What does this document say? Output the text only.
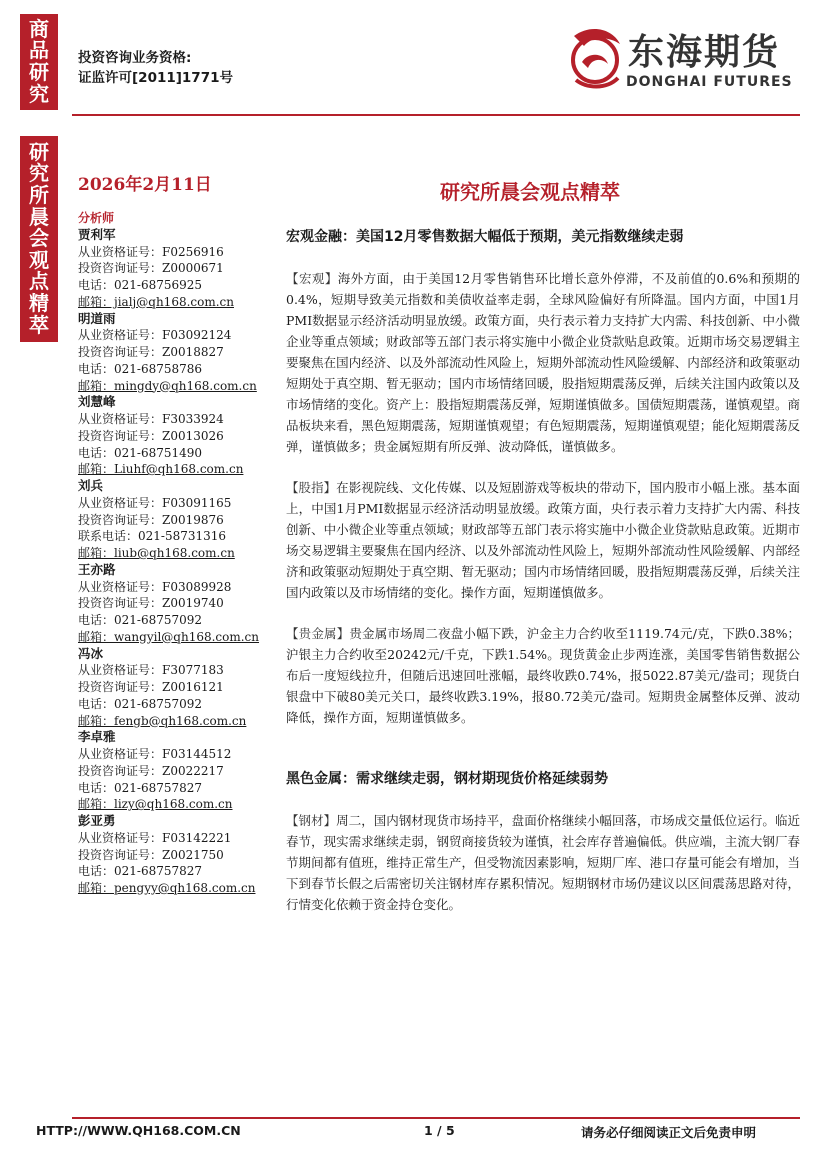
商品研究
研究所晨会观点精萃
投资咨询业务资格:
证监许可[2011]1771号
东海期货
DONGHAI FUTURES
2026年2月11日	研究所晨会观点精萃
分析师
贾利军
从业资格证号：F0256916
投资咨询证号：Z0000671
电话：021-68756925
邮箱：jialj@qh168.com.cn
明道雨
从业资格证号：F03092124
投资咨询证号：Z0018827
电话：021-68758786
邮箱：mingdy@qh168.com.cn
刘慧峰
从业资格证号：F3033924
投资咨询证号：Z0013026
电话：021-68751490
邮箱：Liuhf@qh168.com.cn
刘兵
从业资格证号：F03091165
投资咨询证号：Z0019876
联系电话：021-58731316
邮箱：liub@qh168.com.cn
王亦路
从业资格证号：F03089928
投资咨询证号：Z0019740
电话：021-68757092
邮箱：wangyil@qh168.com.cn
冯冰
从业资格证号：F3077183
投资咨询证号：Z0016121
电话：021-68757092
邮箱：fengb@qh168.com.cn
李卓雅
从业资格证号：F03144512
投资咨询证号：Z0022217
电话：021-68757827
邮箱：lizy@qh168.com.cn
彭亚勇
从业资格证号：F03142221
投资咨询证号：Z0021750
电话：021-68757827
邮箱：pengyy@qh168.com.cn
宏观金融：美国12月零售数据大幅低于预期，美元指数继续走弱
【宏观】海外方面，由于美国12月零售销售环比增长意外停滞，不及前值的0.6%和预期的0.4%，短期导致美元指数和美债收益率走弱，全球风险偏好有所降温。国内方面，中国1月PMI数据显示经济活动明显放缓。政策方面，央行表示着力支持扩大内需、科技创新、中小微企业等重点领域；财政部等五部门表示将实施中小微企业贷款贴息政策。近期市场交易逻辑主要聚焦在国内经济、以及外部流动性风险上，短期外部流动性风险缓解、内部经济和政策驱动短期处于真空期、暂无驱动；国内市场情绪回暖，股指短期震荡反弹，后续关注国内政策以及市场情绪的变化。资产上：股指短期震荡反弹，短期谨慎做多。国债短期震荡，谨慎观望。商品板块来看，黑色短期震荡，短期谨慎观望；有色短期震荡，短期谨慎观望；能化短期震荡反弹，谨慎做多；贵金属短期有所反弹、波动降低，谨慎做多。
【股指】在影视院线、文化传媒、以及短剧游戏等板块的带动下，国内股市小幅上涨。基本面上，中国1月PMI数据显示经济活动明显放缓。政策方面，央行表示着力支持扩大内需、科技创新、中小微企业等重点领域；财政部等五部门表示将实施中小微企业贷款贴息政策。近期市场交易逻辑主要聚焦在国内经济、以及外部流动性风险上，短期外部流动性风险缓解、内部经济和政策驱动短期处于真空期、暂无驱动；国内市场情绪回暖，股指短期震荡反弹，后续关注国内政策以及市场情绪的变化。操作方面，短期谨慎做多。
【贵金属】贵金属市场周二夜盘小幅下跌，沪金主力合约收至1119.74元/克，下跌0.38%；沪银主力合约收至20242元/千克，下跌1.54%。现货黄金止步两连涨，美国零售销售数据公布后一度短线拉升，但随后迅速回吐涨幅，最终收跌0.74%，报5022.87美元/盎司；现货白银盘中下破80美元关口，最终收跌3.19%，报80.72美元/盎司。短期贵金属整体反弹、波动降低，操作方面，短期谨慎做多。
黑色金属：需求继续走弱，钢材期现货价格延续弱势
【钢材】周二，国内钢材现货市场持平，盘面价格继续小幅回落，市场成交量低位运行。临近春节，现实需求继续走弱，钢贸商接货较为谨慎，社会库存普遍偏低。供应端，主流大钢厂春节期间都有值班，维持正常生产，但受物流因素影响，短期厂库、港口存量可能会有增加，当下到春节长假之后需密切关注钢材库存累积情况。短期钢材市场仍建议以区间震荡思路对待，行情变化依赖于资金持仓变化。
HTTP://WWW.QH168.COM.CN	1 / 5	请务必仔细阅读正文后免责申明
